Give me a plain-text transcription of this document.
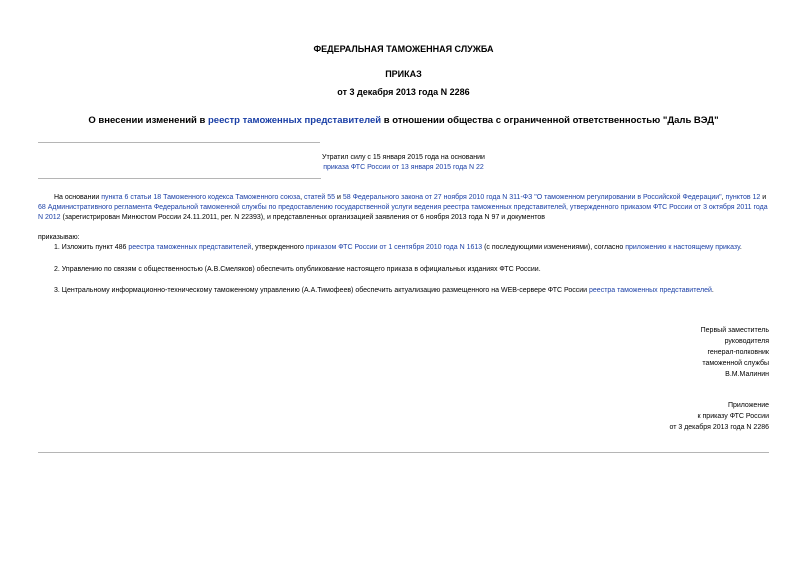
ФЕДЕРАЛЬНАЯ ТАМОЖЕННАЯ СЛУЖБА
ПРИКАЗ
от 3 декабря 2013 года N 2286
О внесении изменений в реестр таможенных представителей в отношении общества с ограниченной ответственностью "Даль ВЭД"
Утратил силу с 15 января 2015 года на основании
приказа ФТС России от 13 января 2015 года N 22
На основании пункта 6 статьи 18 Таможенного кодекса Таможенного союза, статей 55 и 58 Федерального закона от 27 ноября 2010 года N 311-ФЗ "О таможенном регулировании в Российской Федерации", пунктов 12 и 68 Административного регламента Федеральной таможенной службы по предоставлению государственной услуги ведения реестра таможенных представителей, утвержденного приказом ФТС России от 3 октября 2011 года N 2012 (зарегистрирован Минюстом России 24.11.2011, рег. N 22393), и представленных организацией заявления от 6 ноября 2013 года N 97 и документов
приказываю:
1. Изложить пункт 486 реестра таможенных представителей, утвержденного приказом ФТС России от 1 сентября 2010 года N 1613 (с последующими изменениями), согласно приложению к настоящему приказу.
2. Управлению по связям с общественностью (А.В.Смеляков) обеспечить опубликование настоящего приказа в официальных изданиях ФТС России.
3. Центральному информационно-техническому таможенному управлению (А.А.Тимофеев) обеспечить актуализацию размещенного на WEB-сервере ФТС России реестра таможенных представителей.
Первый заместитель
руководителя
генерал-полковник
таможенной службы
В.М.Малинин
Приложение
к приказу ФТС России
от 3 декабря 2013 года N 2286
